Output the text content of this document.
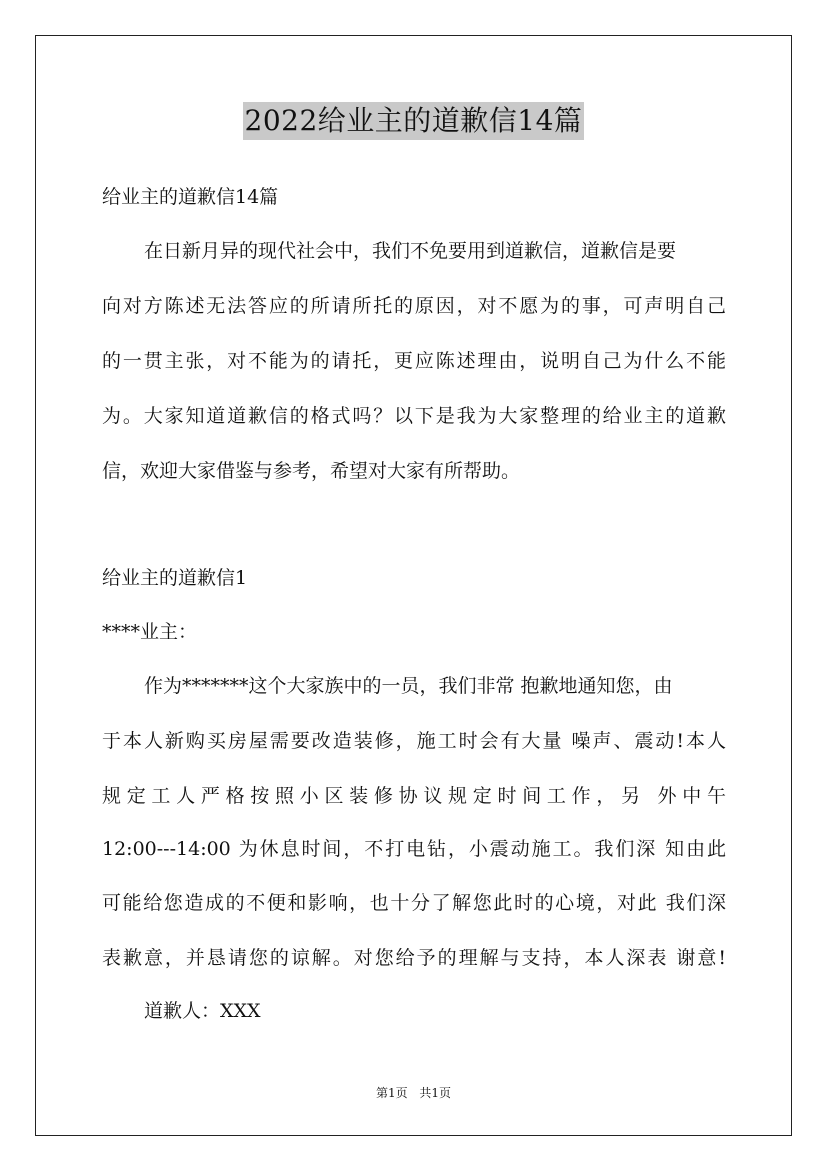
2022给业主的道歉信14篇
给业主的道歉信14篇
在日新月异的现代社会中，我们不免要用到道歉信，道歉信是要
向对方陈述无法答应的所请所托的原因，对不愿为的事，可声明自己
的一贯主张，对不能为的请托，更应陈述理由，说明自己为什么不能
为。大家知道道歉信的格式吗？以下是我为大家整理的给业主的道歉
信，欢迎大家借鉴与参考，希望对大家有所帮助。
给业主的道歉信1
****业主：
作为*******这个大家族中的一员，我们非常 抱歉地通知您，由
于本人新购买房屋需要改造装修，施工时会有大量 噪声、震动!本人
规定工人严格按照小区装修协议规定时间工作，另 外中午
12:00---14:00 为休息时间，不打电钻，小震动施工。我们深 知由此
可能给您造成的不便和影响，也十分了解您此时的心境，对此 我们深
表歉意，并恳请您的谅解。对您给予的理解与支持，本人深表 谢意!
道歉人：XXX
第1页 共1页
